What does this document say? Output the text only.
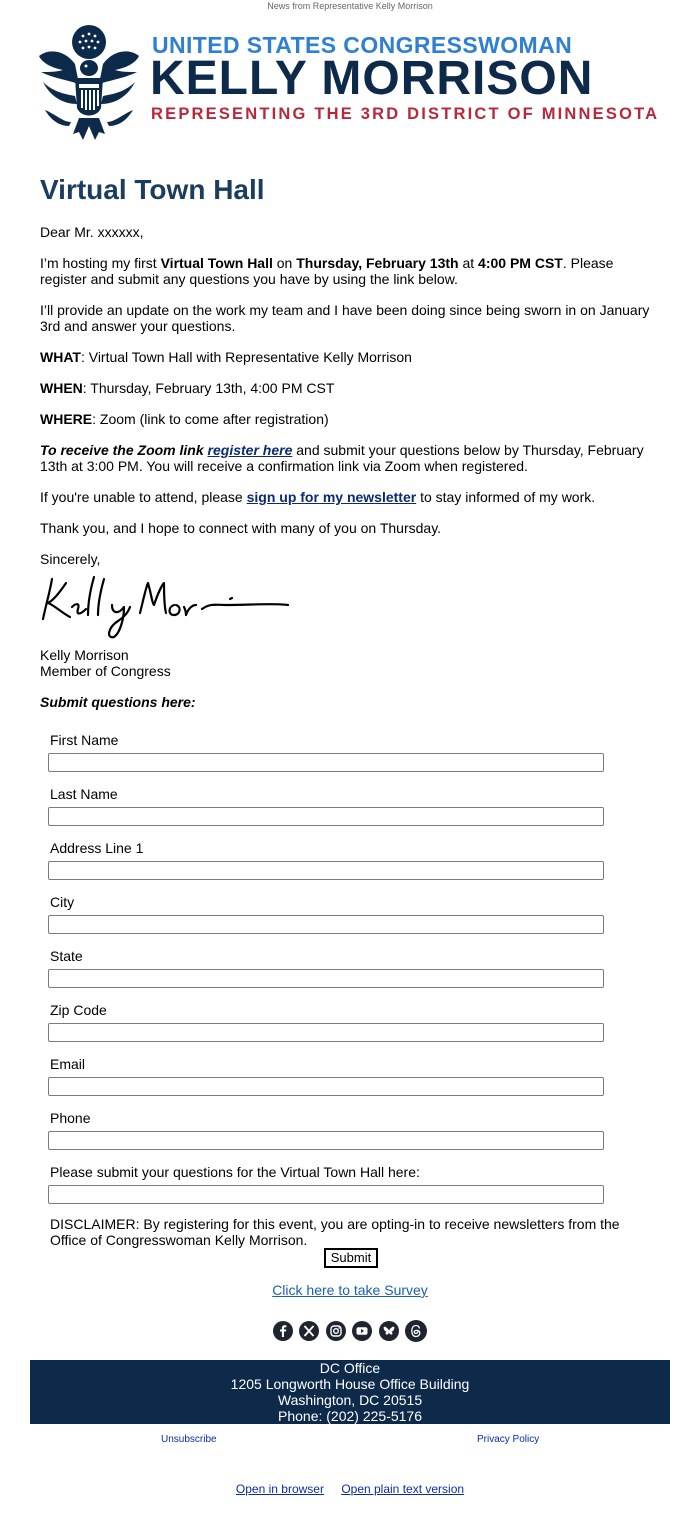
News from Representative Kelly Morrison
UNITED STATES CONGRESSWOMAN
KELLY MORRISON
REPRESENTING THE 3RD DISTRICT OF MINNESOTA
Virtual Town Hall

Dear Mr. xxxxxx,

I’m hosting my first Virtual Town Hall on Thursday, February 13th at 4:00 PM CST. Please register and submit any questions you have by using the link below.

I’ll provide an update on the work my team and I have been doing since being sworn in on January 3rd and answer your questions.

WHAT: Virtual Town Hall with Representative Kelly Morrison

WHEN: Thursday, February 13th, 4:00 PM CST

WHERE: Zoom (link to come after registration)

To receive the Zoom link register here and submit your questions below by Thursday, February 13th at 3:00 PM. You will receive a confirmation link via Zoom when registered.

If you're unable to attend, please sign up for my newsletter to stay informed of my work.

Thank you, and I hope to connect with many of you on Thursday.

Sincerely,

Kelly Morrison
Member of Congress
Submit questions here:
First Name
Last Name
Address Line 1
City
State
Zip Code
Email
Phone
Please submit your questions for the Virtual Town Hall here:
DISCLAIMER: By registering for this event, you are opting-in to receive newsletters from the Office of Congresswoman Kelly Morrison.
Submit
Click here to take Survey

DC Office
1205 Longworth House Office Building
Washington, DC 20515
Phone: (202) 225-5176
Unsubscribe	Privacy Policy
Open in browser Open plain text version
